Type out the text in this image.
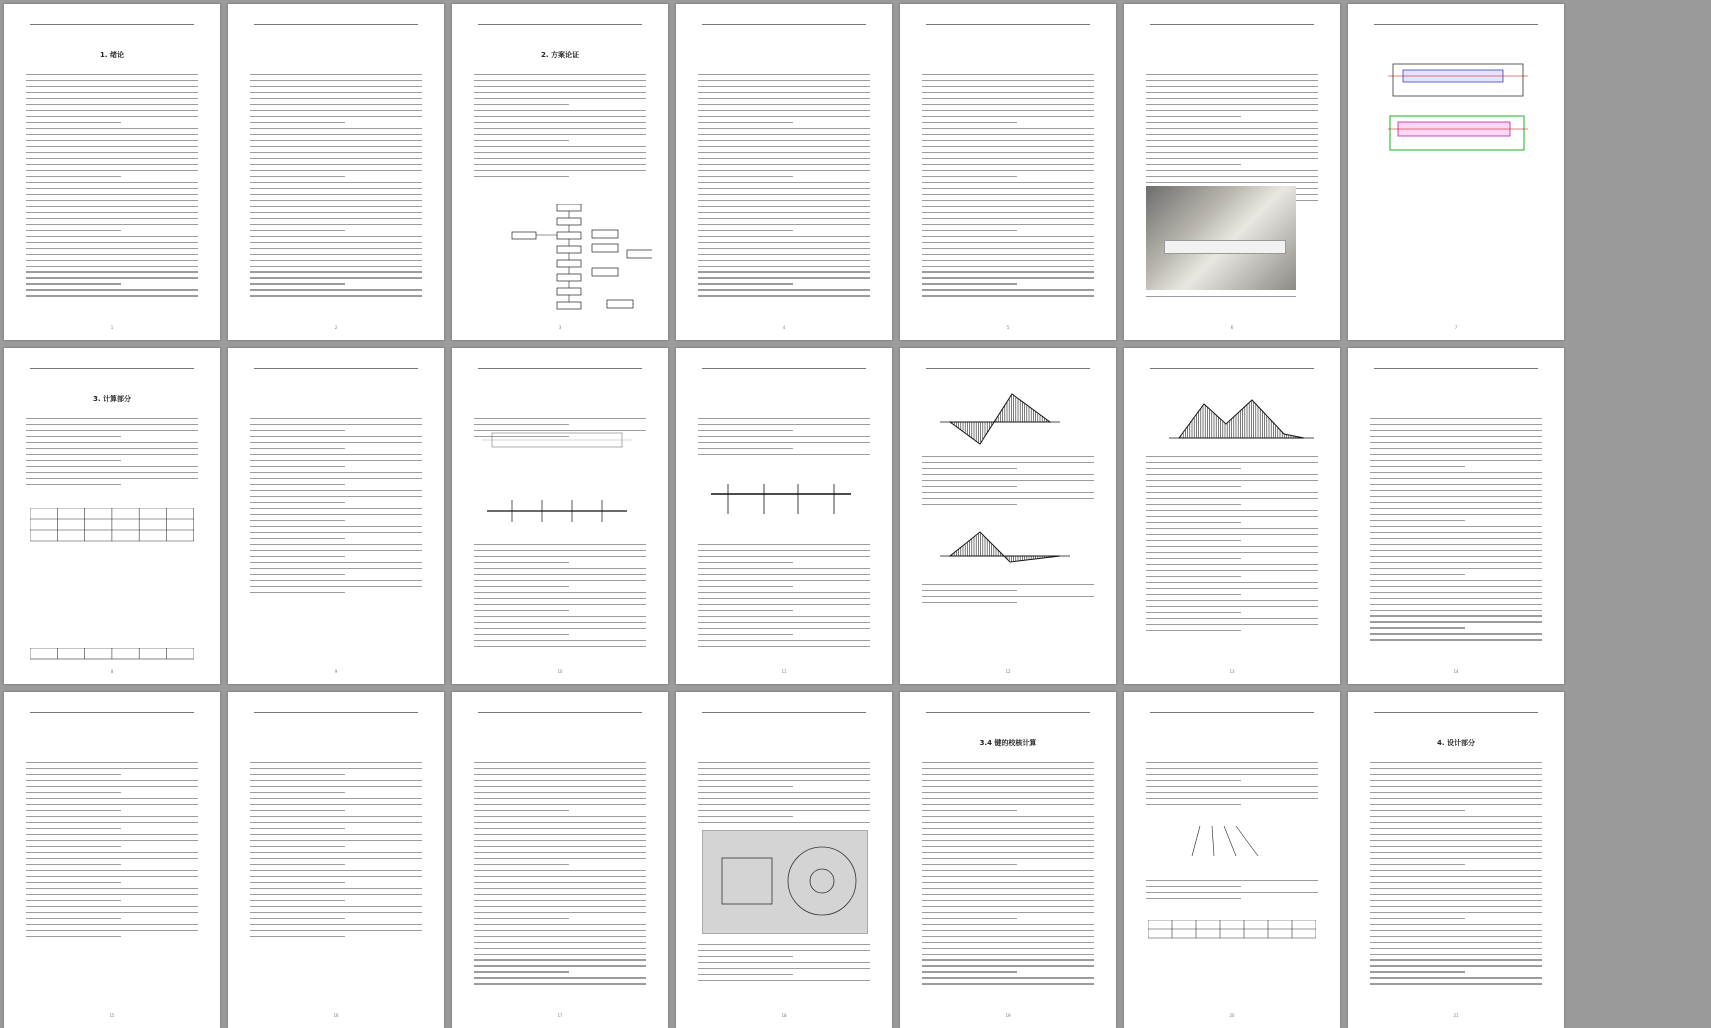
1. 绪论
1	2
2. 方案论证
3	4	5	6	7
3. 计算部分
8	9	10	11	12	13	14
15	16	17	18
3.4 键的校核计算
19	20
4. 设计部分
21
